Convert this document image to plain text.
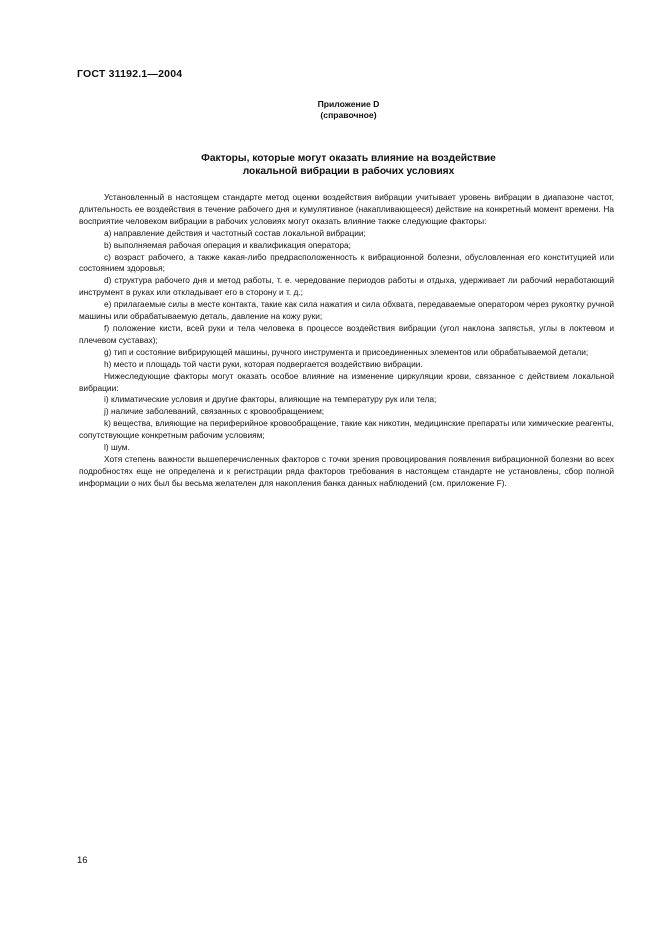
ГОСТ 31192.1—2004
Приложение D
(справочное)
Факторы, которые могут оказать влияние на воздействие
локальной вибрации в рабочих условиях

Установленный в настоящем стандарте метод оценки воздействия вибрации учитывает уровень вибрации в диапазоне частот, длительность ее воздействия в течение рабочего дня и кумулятивное (накапливающееся) действие на конкретный момент времени. На восприятие человеком вибрации в рабочих условиях могут оказать влияние также следующие факторы:

a) направление действия и частотный состав локальной вибрации;

b) выполняемая рабочая операция и квалификация оператора;

c) возраст рабочего, а также какая-либо предрасположенность к вибрационной болезни, обусловленная его конституцией или состоянием здоровья;

d) структура рабочего дня и метод работы, т. е. чередование периодов работы и отдыха, удерживает ли рабочий неработающий инструмент в руках или откладывает его в сторону и т. д.;

e) прилагаемые силы в месте контакта, такие как сила нажатия и сила обхвата, передаваемые оператором через рукоятку ручной машины или обрабатываемую деталь, давление на кожу руки;

f) положение кисти, всей руки и тела человека в процессе воздействия вибрации (угол наклона запястья, углы в локтевом и плечевом суставах);

g) тип и состояние вибрирующей машины, ручного инструмента и присоединенных элементов или обрабатываемой детали;

h) место и площадь той части руки, которая подвергается воздействию вибрации.

Нижеследующие факторы могут оказать особое влияние на изменение циркуляции крови, связанное с действием локальной вибрации:

i) климатические условия и другие факторы, влияющие на температуру рук или тела;

j) наличие заболеваний, связанных с кровообращением;

k) вещества, влияющие на периферийное кровообращение, такие как никотин, медицинские препараты или химические реагенты, сопутствующие конкретным рабочим условиям;

l) шум.

Хотя степень важности вышеперечисленных факторов с точки зрения провоцирования появления вибрационной болезни во всех подробностях еще не определена и к регистрации ряда факторов требования в настоящем стандарте не установлены, сбор полной информации о них был бы весьма желателен для накопления банка данных наблюдений (см. приложение F).

16
